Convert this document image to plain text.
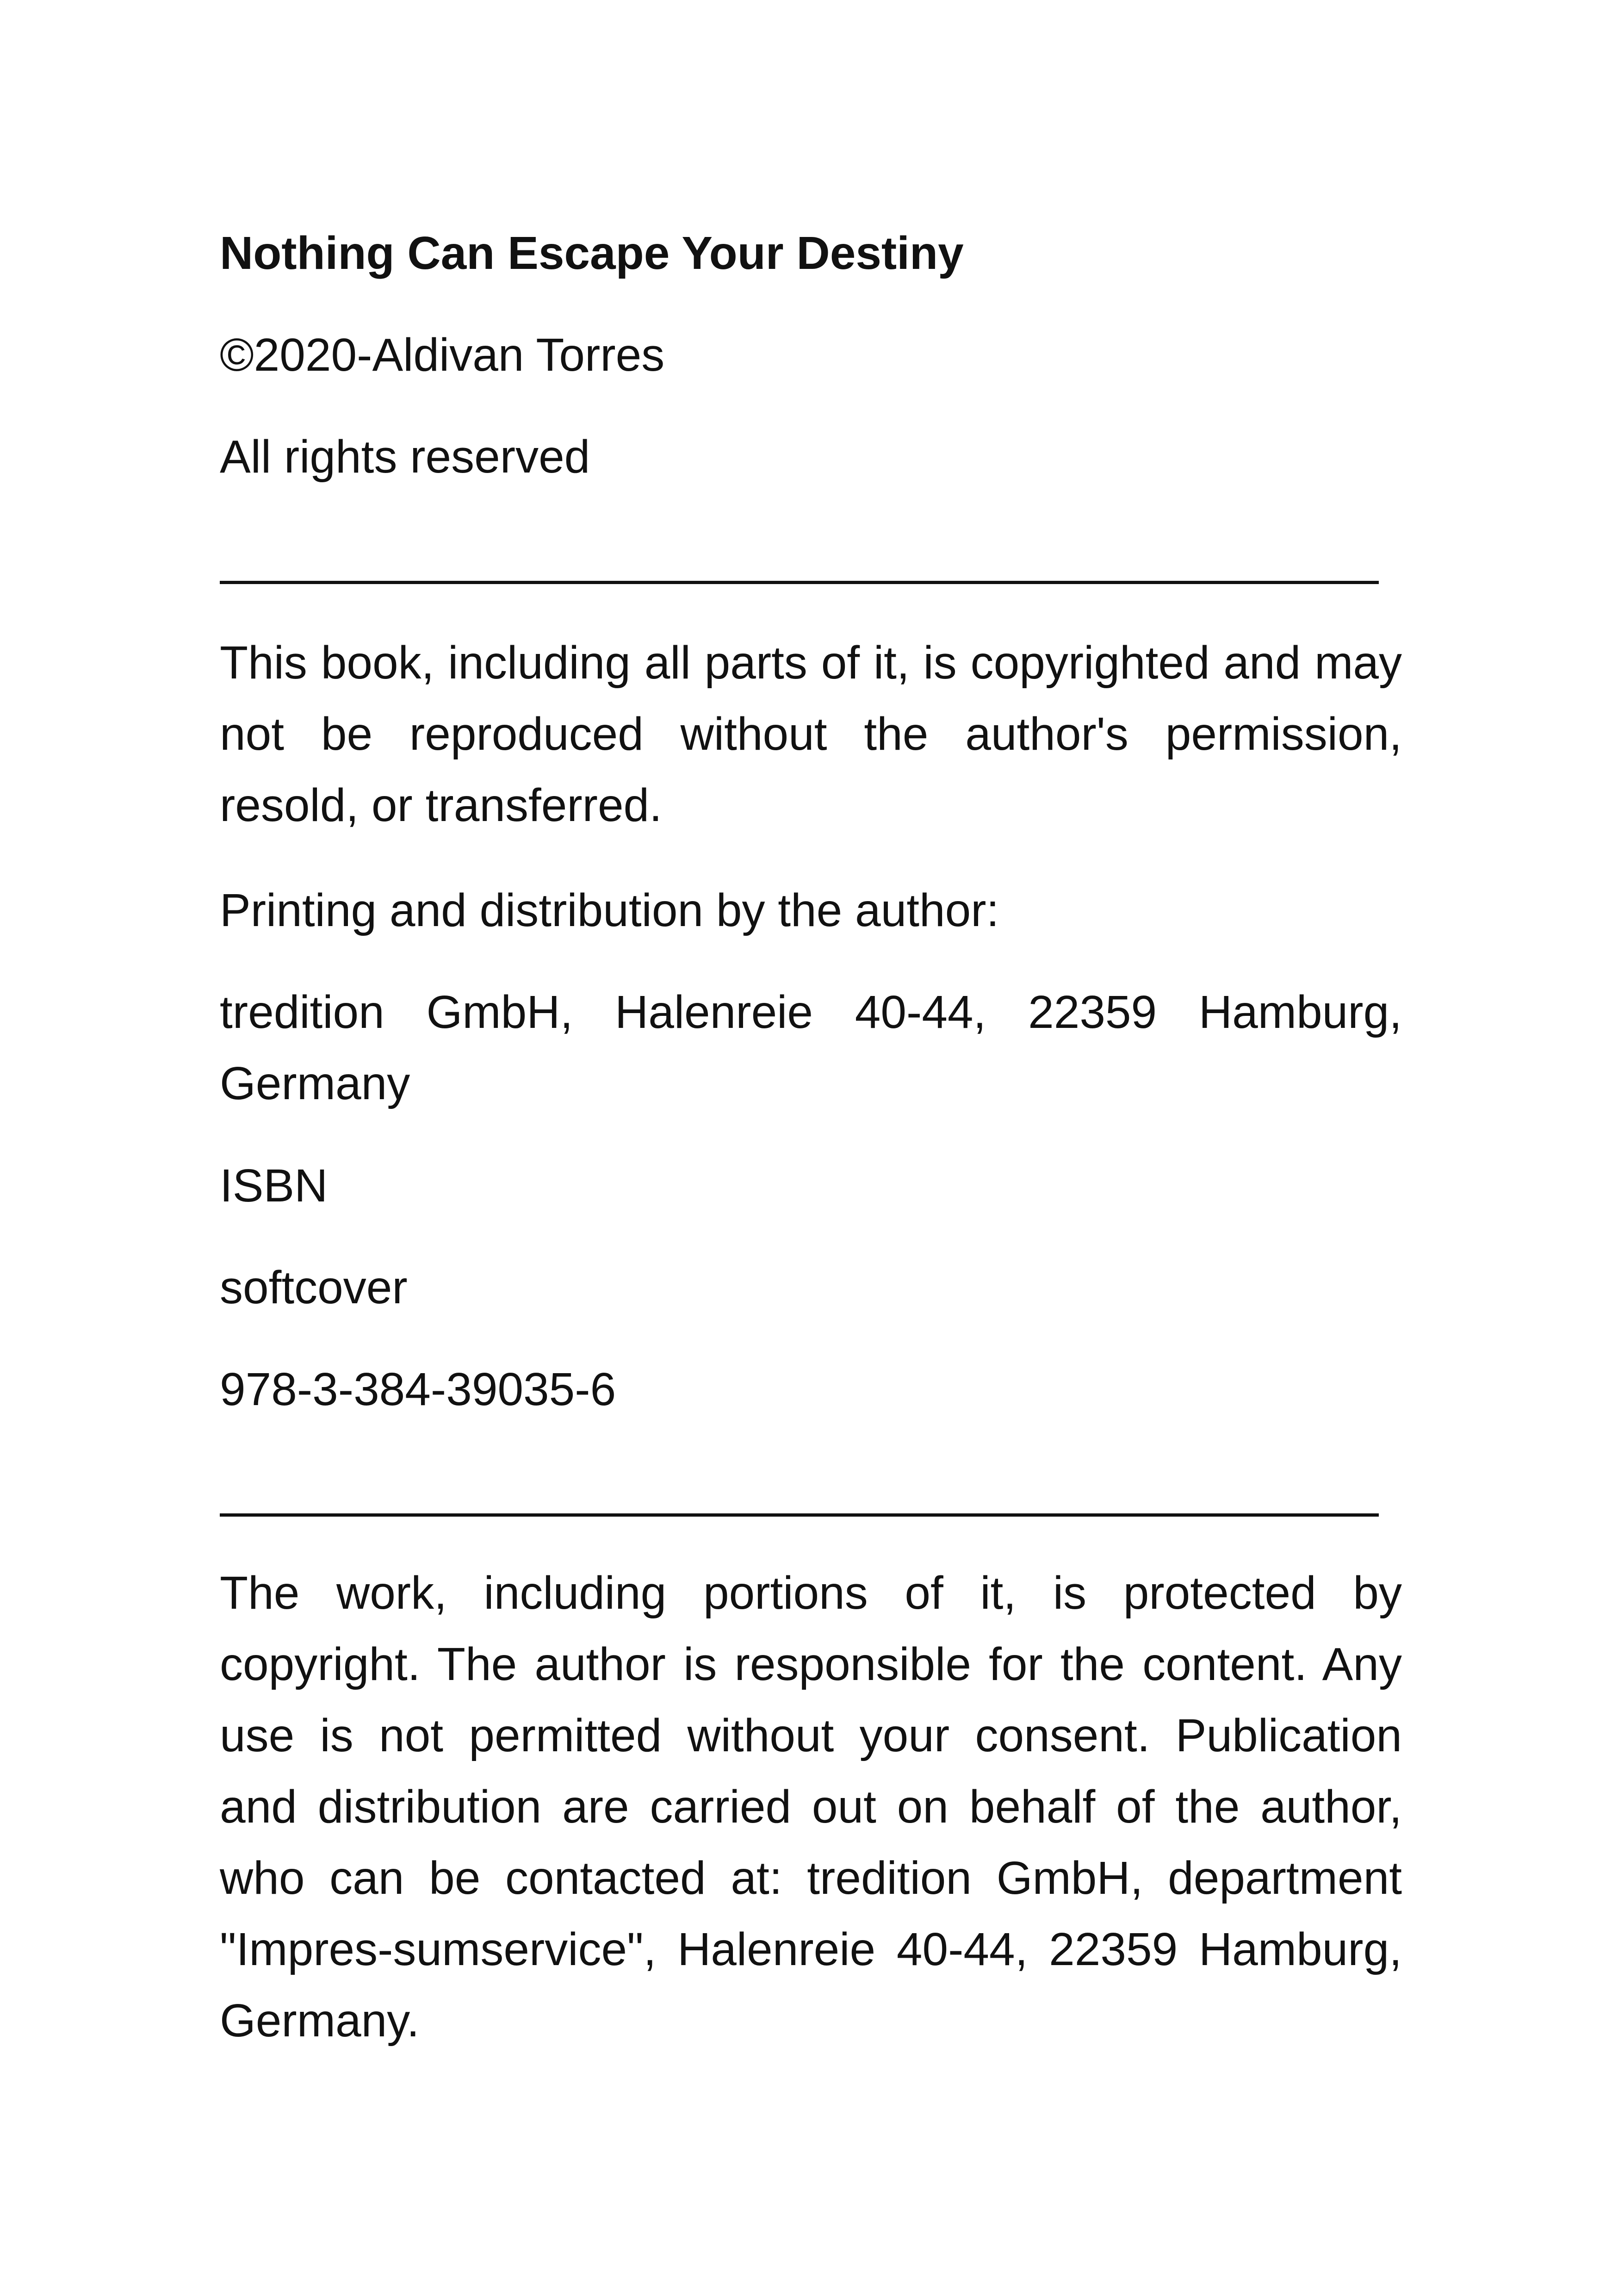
Nothing Can Escape Your Destiny
©2020-Aldivan Torres
All rights reserved
This book, including all parts of it, is copyrighted and may not be reproduced without the author's permission, resold, or transferred.
Printing and distribution by the author:
tredition GmbH, Halenreie 40-44, 22359 Hamburg, Germany
ISBN
softcover
978-3-384-39035-6
The work, including portions of it, is protected by copyright. The author is responsible for the content. Any use is not permitted without your consent. Publication and distribution are carried out on behalf of the author, who can be contacted at: tredition GmbH, department "Impres-sumservice", Halenreie 40-44, 22359 Hamburg, Germany.
